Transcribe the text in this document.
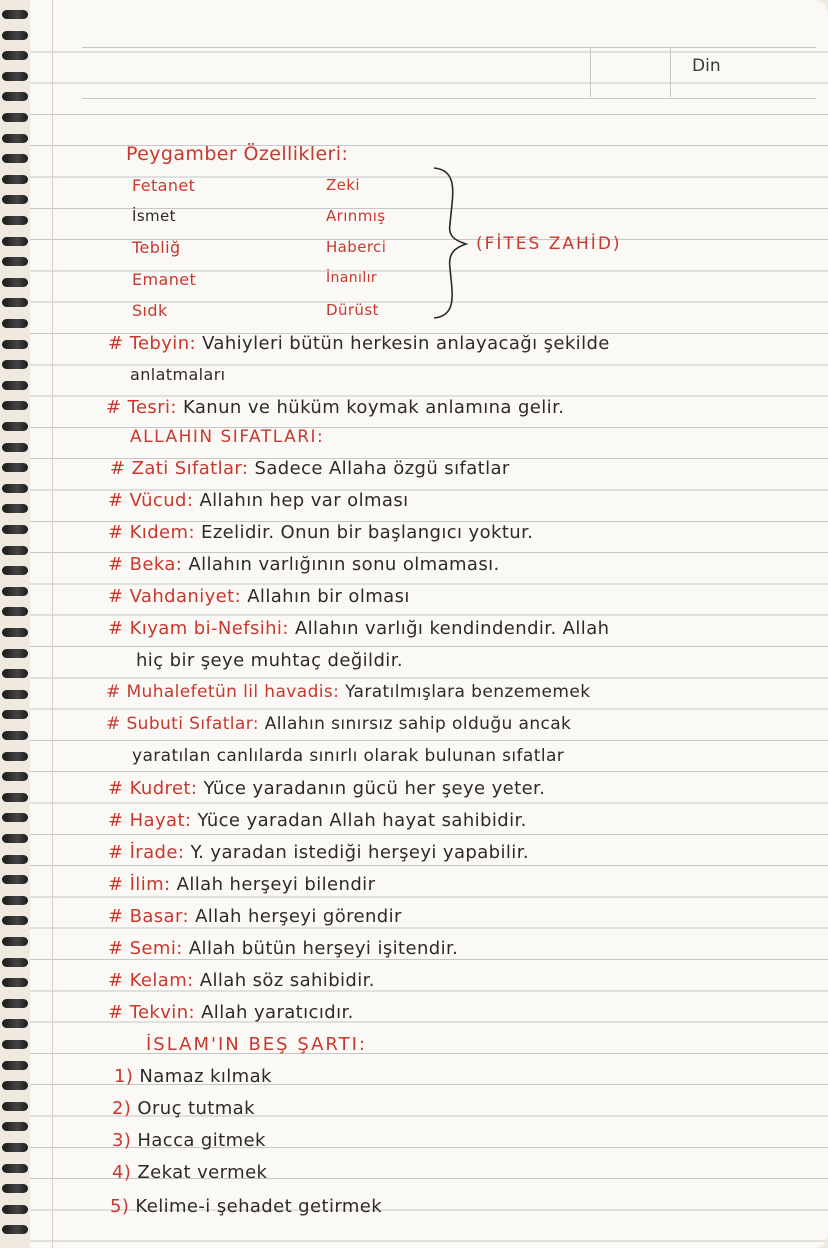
Din
Peygamber Özellikleri:
Fetanet	Zeki
İsmet	Arınmış
Tebliğ	Haberci
Emanet	İnanılır
Sıdk	Dürüst
(FİTES ZAHİD)
# Tebyin: Vahiyleri bütün herkesin anlayacağı şekilde
anlatmaları
# Tesri: Kanun ve hüküm koymak anlamına gelir.
ALLAHIN SIFATLARI:
# Zati Sıfatlar: Sadece Allaha özgü sıfatlar
# Vücud: Allahın hep var olması
# Kıdem: Ezelidir. Onun bir başlangıcı yoktur.
# Beka: Allahın varlığının sonu olmaması.
# Vahdaniyet: Allahın bir olması
# Kıyam bi-Nefsihi: Allahın varlığı kendindendir. Allah
hiç bir şeye muhtaç değildir.
# Muhalefetün lil havadis: Yaratılmışlara benzememek
# Subuti Sıfatlar: Allahın sınırsız sahip olduğu ancak
yaratılan canlılarda sınırlı olarak bulunan sıfatlar
# Kudret: Yüce yaradanın gücü her şeye yeter.
# Hayat: Yüce yaradan Allah hayat sahibidir.
# İrade: Y. yaradan istediği herşeyi yapabilir.
# İlim: Allah herşeyi bilendir
# Basar: Allah herşeyi görendir
# Semi: Allah bütün herşeyi işitendir.
# Kelam: Allah söz sahibidir.
# Tekvin: Allah yaratıcıdır.
İSLAM'IN BEŞ ŞARTI:
1) Namaz kılmak
2) Oruç tutmak
3) Hacca gitmek
4) Zekat vermek
5) Kelime-i şehadet getirmek
